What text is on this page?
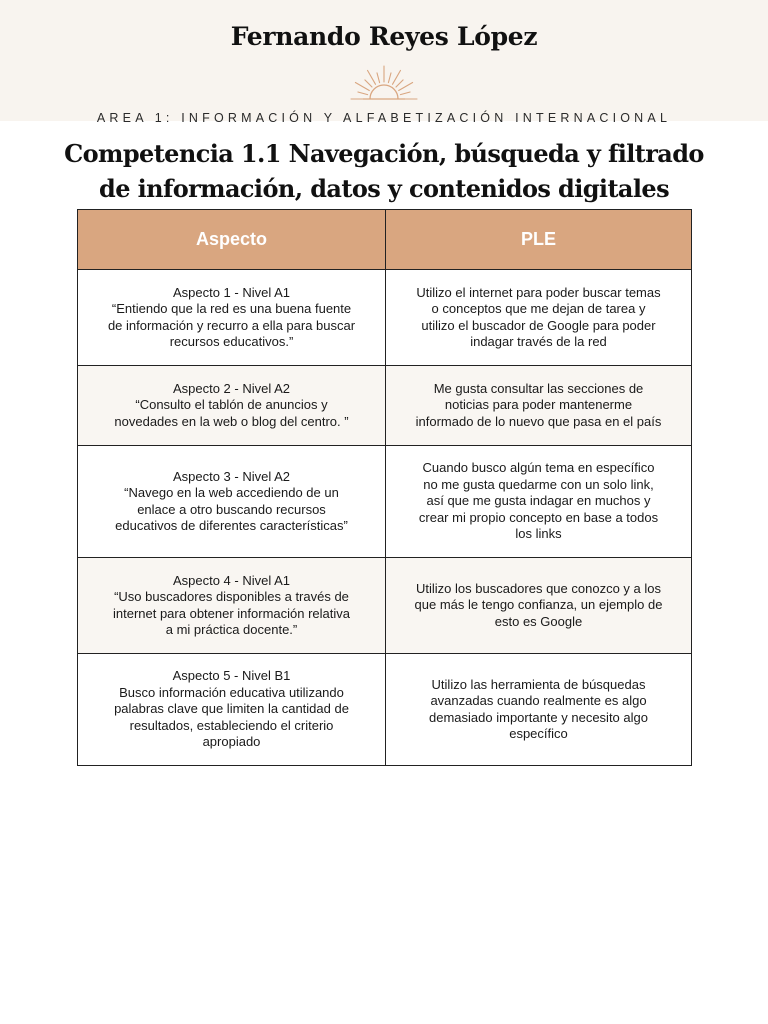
Fernando Reyes López
AREA 1: INFORMACIÓN Y ALFABETIZACIÓN INTERNACIONAL
Competencia 1.1 Navegación, búsqueda y filtrado
de información, datos y contenidos digitales
Aspecto	PLE

Aspecto 1 - Nivel A1
“Entiendo que la red es una buena fuente
de información y recurro a ella para buscar
recursos educativos.”	Utilizo el internet para poder buscar temas
o conceptos que me dejan de tarea y
utilizo el buscador de Google para poder
indagar través de la red

Aspecto 2 - Nivel A2
“Consulto el tablón de anuncios y
novedades en la web o blog del centro. ”	Me gusta consultar las secciones de
noticias para poder mantenerme
informado de lo nuevo que pasa en el país

Aspecto 3 - Nivel A2
“Navego en la web accediendo de un
enlace a otro buscando recursos
educativos de diferentes características”	Cuando busco algún tema en específico
no me gusta quedarme con un solo link,
así que me gusta indagar en muchos y
crear mi propio concepto en base a todos
los links

Aspecto 4 - Nivel A1
“Uso buscadores disponibles a través de
internet para obtener información relativa
a mi práctica docente.”	Utilizo los buscadores que conozco y a los
que más le tengo confianza, un ejemplo de
esto es Google

Aspecto 5 - Nivel B1
Busco información educativa utilizando
palabras clave que limiten la cantidad de
resultados, estableciendo el criterio
apropiado	Utilizo las herramienta de búsquedas
avanzadas cuando realmente es algo
demasiado importante y necesito algo
específico
